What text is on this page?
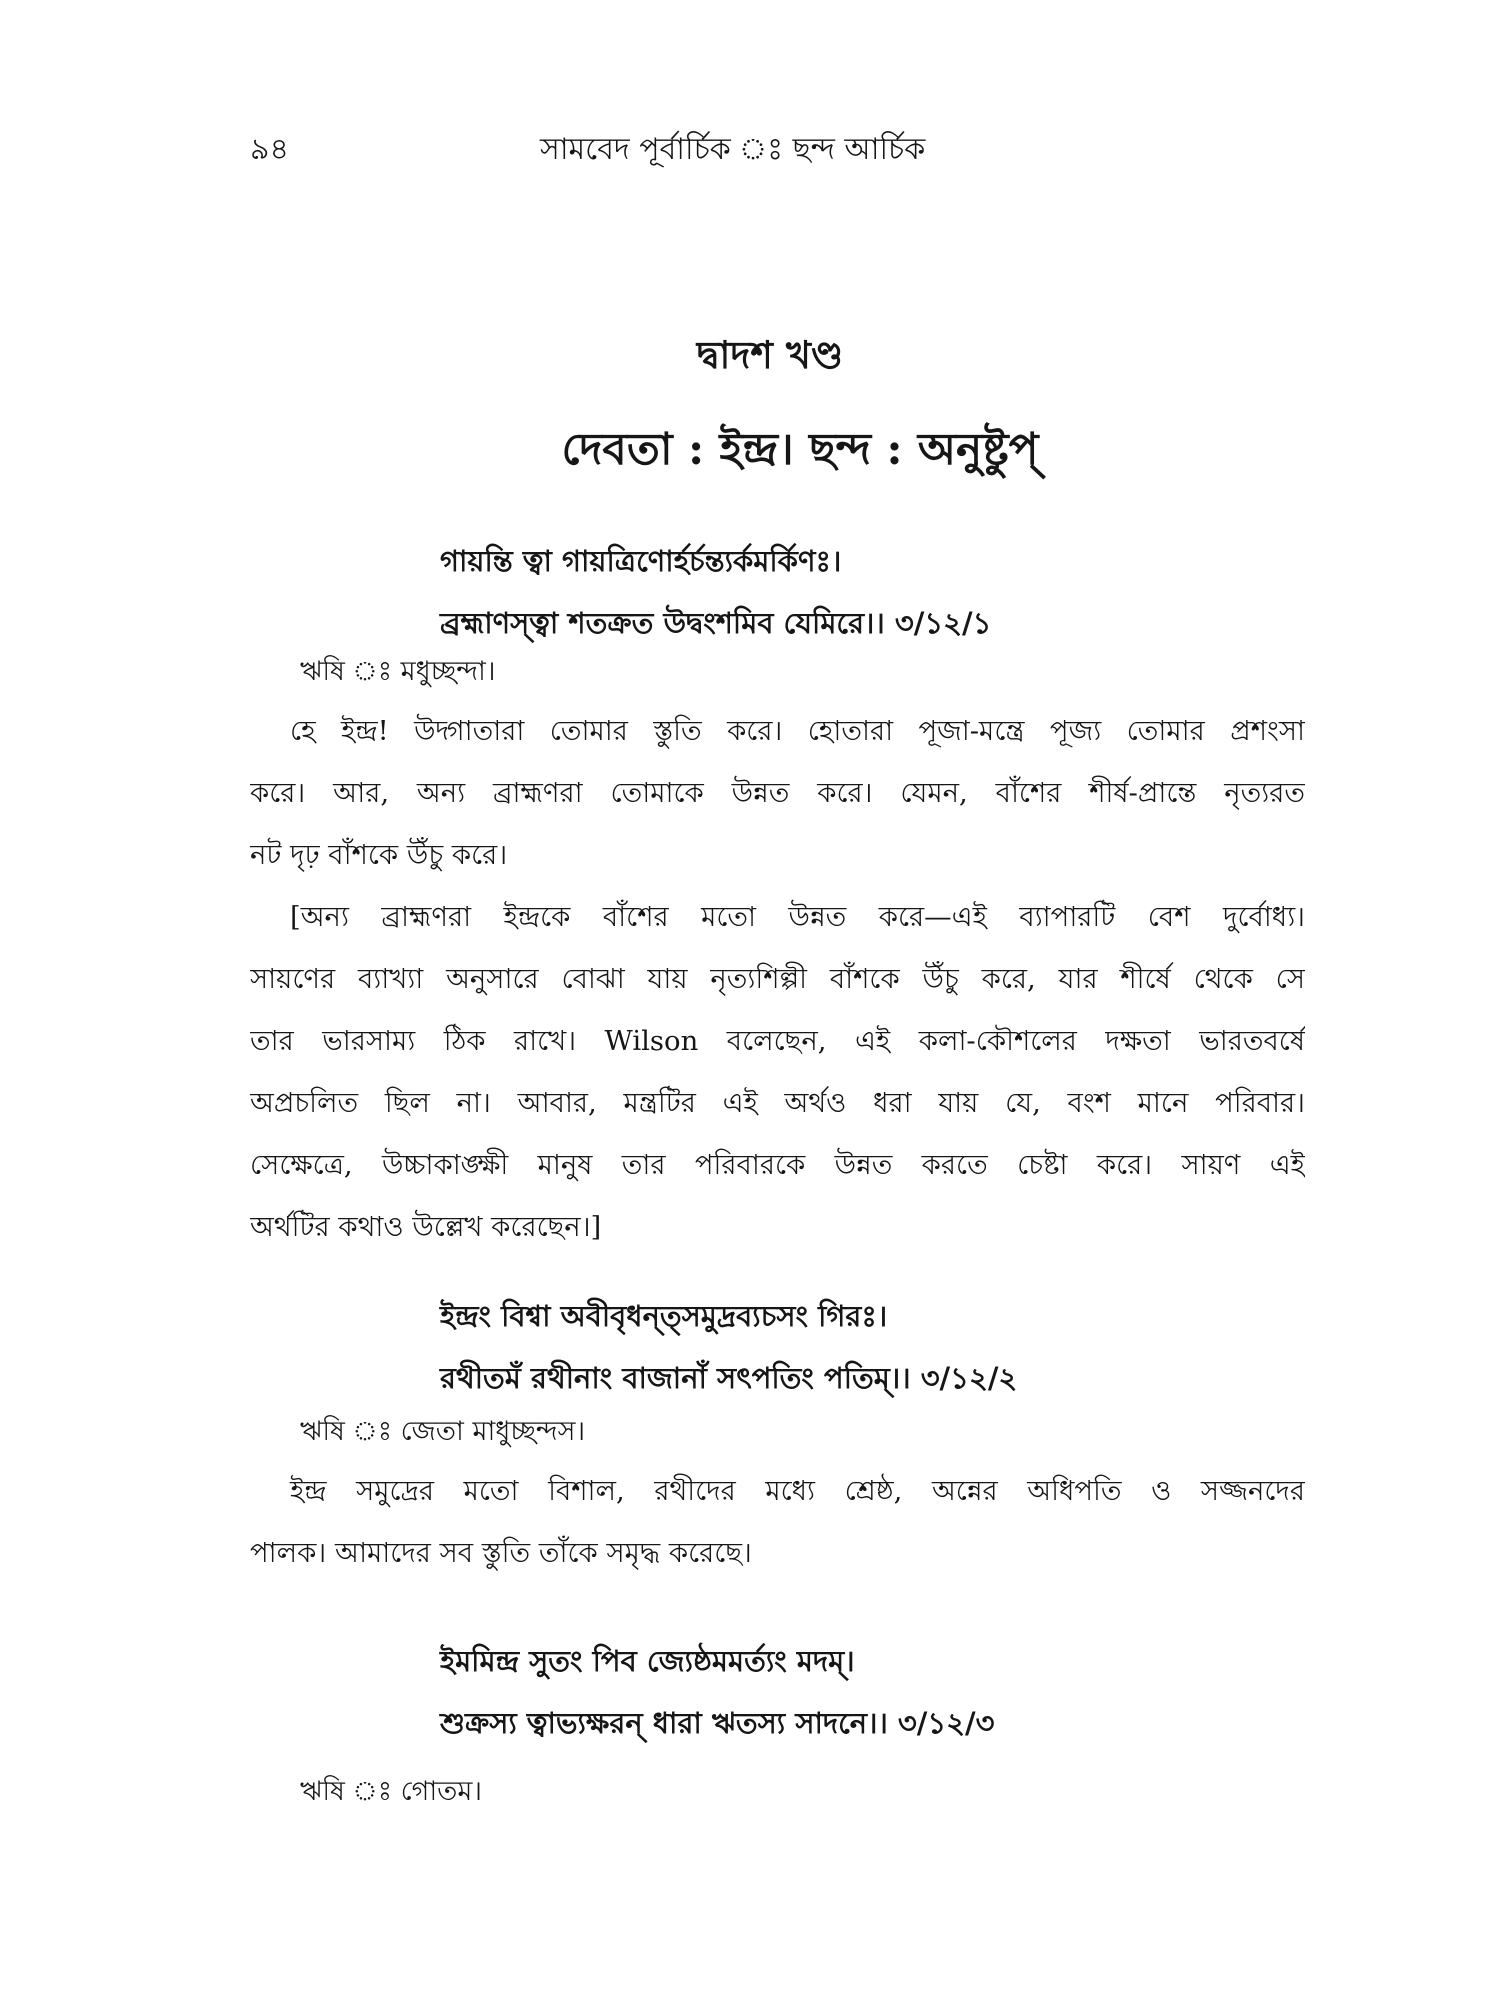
৯৪	সামবেদ পূর্বার্চিক ঃ ছন্দ আর্চিক
দ্বাদশ খণ্ড
দেবতা : ইন্দ্র। ছন্দ : অনুষ্টুপ্
গায়ন্তি ত্বা গায়ত্রিণোর্হর্চন্ত্যর্কমর্কিণঃ।
ব্রহ্মাণস্ত্বা শতক্রত উদ্বংশমিব যেমিরে।। ৩/১২/১
ঋষি ঃ মধুচ্ছন্দা।
হে ইন্দ্র! উদ্গাতারা তোমার স্তুতি করে। হোতারা পূজা-মন্ত্রে পূজ্য তোমার প্রশংসা
করে। আর, অন্য ব্রাহ্মণরা তোমাকে উন্নত করে। যেমন, বাঁশের শীর্ষ-প্রান্তে নৃত্যরত
নট দৃঢ় বাঁশকে উঁচু করে।
[অন্য ব্রাহ্মণরা ইন্দ্রকে বাঁশের মতো উন্নত করে—এই ব্যাপারটি বেশ দুর্বোধ্য।
সায়ণের ব্যাখ্যা অনুসারে বোঝা যায় নৃত্যশিল্পী বাঁশকে উঁচু করে, যার শীর্ষে থেকে সে
তার ভারসাম্য ঠিক রাখে। Wilson বলেছেন, এই কলা-কৌশলের দক্ষতা ভারতবর্ষে
অপ্রচলিত ছিল না। আবার, মন্ত্রটির এই অর্থও ধরা যায় যে, বংশ মানে পরিবার।
সেক্ষেত্রে, উচ্চাকাঙ্ক্ষী মানুষ তার পরিবারকে উন্নত করতে চেষ্টা করে। সায়ণ এই
অর্থটির কথাও উল্লেখ করেছেন।]
ইন্দ্রং বিশ্বা অবীবৃধন্ত্সমুদ্রব্যচসং গিরঃ।
রথীতমঁ রথীনাং বাজানাঁ সৎপতিং পতিম্।। ৩/১২/২
ঋষি ঃ জেতা মাধুচ্ছন্দস।
ইন্দ্র সমুদ্রের মতো বিশাল, রথীদের মধ্যে শ্রেষ্ঠ, অন্নের অধিপতি ও সজ্জনদের
পালক। আমাদের সব স্তুতি তাঁকে সমৃদ্ধ করেছে।
ইমমিন্দ্র সুতং পিব জ্যেষ্ঠমমর্ত্যং মদম্।
শুক্রস্য ত্বাভ্যক্ষরন্ ধারা ঋতস্য সাদনে।। ৩/১২/৩
ঋষি ঃ গোতম।
